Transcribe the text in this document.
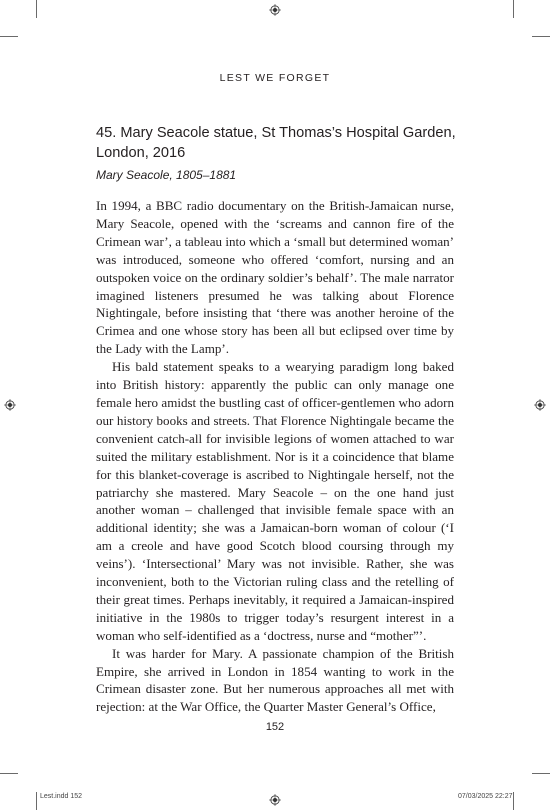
LEST WE FORGET
45. Mary Seacole statue, St Thomas’s Hospital Garden, London, 2016
Mary Seacole, 1805–1881

In 1994, a BBC radio documentary on the British-Jamaican nurse, Mary Seacole, opened with the ‘screams and cannon fire of the Crimean war’, a tableau into which a ‘small but determined woman’ was introduced, someone who offered ‘comfort, nursing and an outspoken voice on the ordinary soldier’s behalf’. The male narrator imagined listeners presumed he was talking about Florence Nightingale, before insisting that ‘there was another heroine of the Crimea and one whose story has been all but eclipsed over time by the Lady with the Lamp’.

His bald statement speaks to a wearying paradigm long baked into British history: apparently the public can only manage one female hero amidst the bustling cast of officer-gentlemen who adorn our history books and streets. That Florence Nightingale became the convenient catch-all for invisible legions of women attached to war suited the military establishment. Nor is it a coincidence that blame for this blanket-coverage is ascribed to Nightingale herself, not the patriarchy she mastered. Mary Seacole – on the one hand just another woman – challenged that invisible female space with an additional identity; she was a Jamaican-born woman of colour (‘I am a creole and have good Scotch blood coursing through my veins’). ‘Intersectional’ Mary was not invisible. Rather, she was inconvenient, both to the Victorian ruling class and the retelling of their great times. Perhaps inevitably, it required a Jamaican-inspired initiative in the 1980s to trigger today’s resurgent interest in a woman who self-identified as a ‘doctress, nurse and “mother”’.

It was harder for Mary. A passionate champion of the British Empire, she arrived in London in 1854 wanting to work in the Crimean disaster zone. But her numerous approaches all met with rejection: at the War Office, the Quarter Master General’s Office,

152
Lest.indd 152	07/03/2025 22:27
